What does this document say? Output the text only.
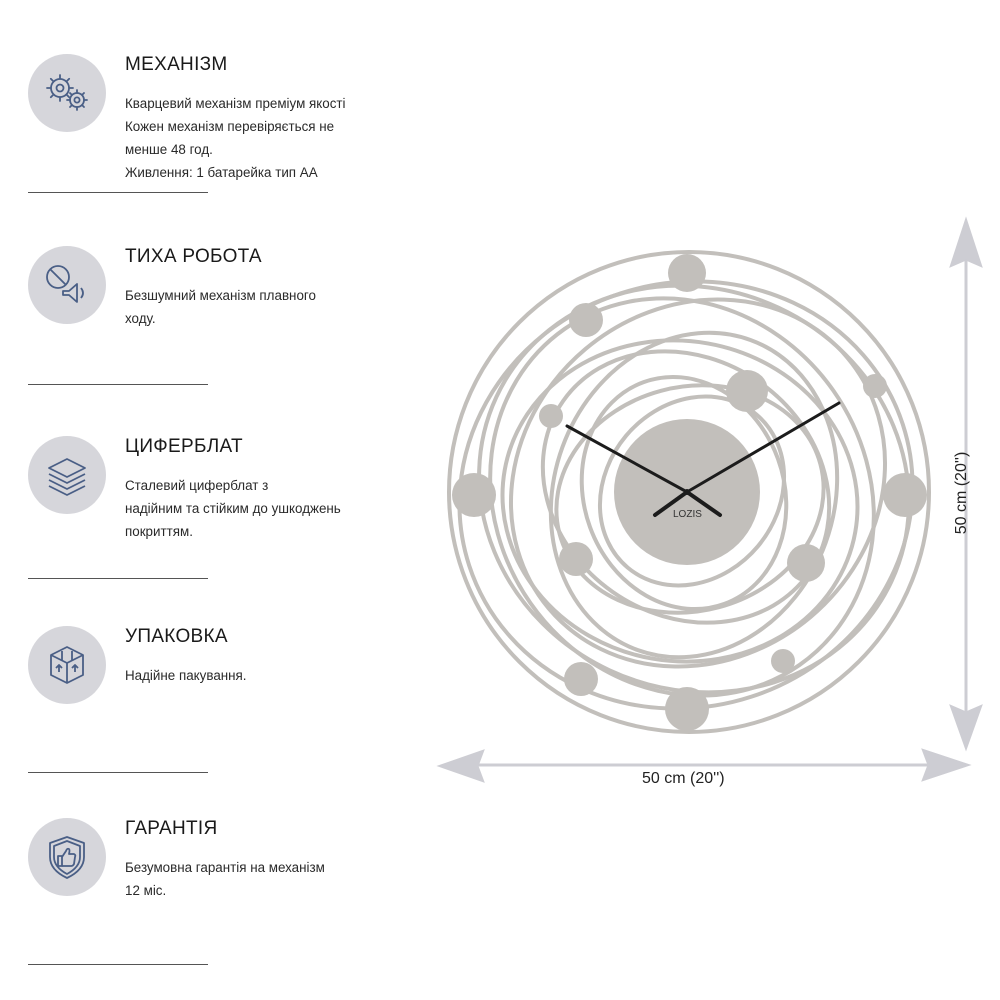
МЕХАНІЗМ
Кварцевий механізм преміум якості
Кожен механізм перевіряється не
менше 48 год.
Живлення: 1 батарейка тип АА
ТИХА РОБОТА
Безшумний механізм плавного
ходу.
ЦИФЕРБЛАТ
Сталевий циферблат з
надійним та стійким до ушкоджень
покриттям.
УПАКОВКА
Надійне пакування.
ГАРАНТІЯ
Безумовна гарантія на механізм
12 міс.
LOZIS
50 cm (20'')
50 cm (20'')
